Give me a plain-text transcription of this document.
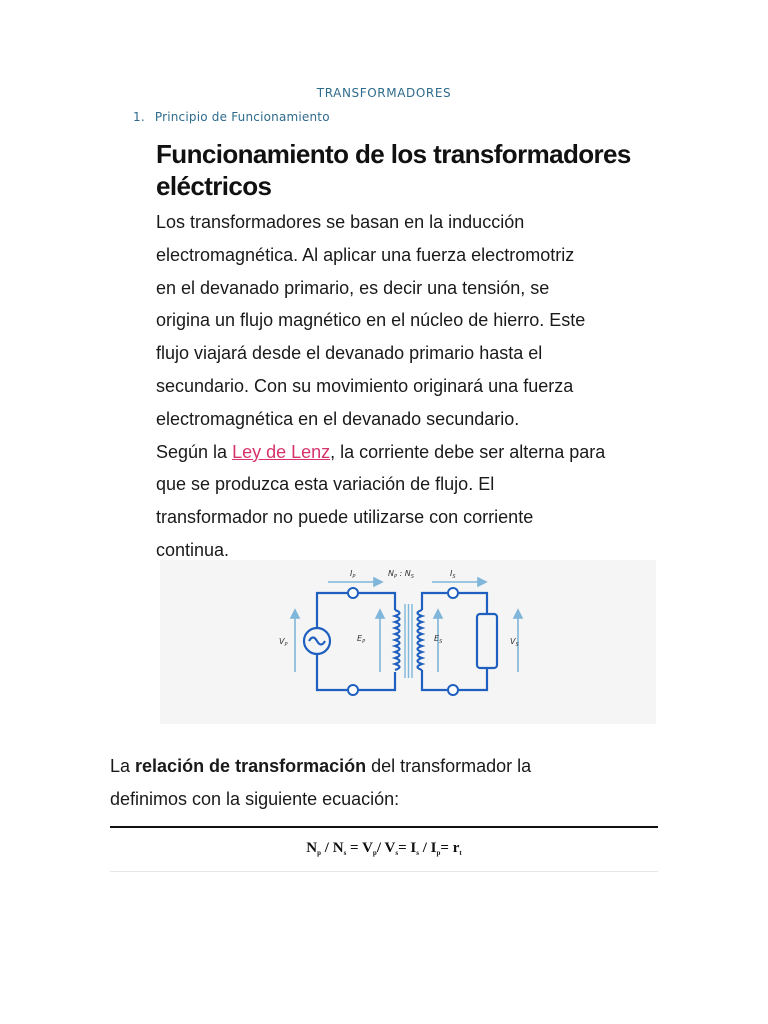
TRANSFORMADORES
1. Principio de Funcionamiento
Funcionamiento de los transformadores
eléctricos

Los transformadores se basan en la inducción

electromagnética. Al aplicar una fuerza electromotriz

en el devanado primario, es decir una tensión, se

origina un flujo magnético en el núcleo de hierro. Este

flujo viajará desde el devanado primario hasta el

secundario. Con su movimiento originará una fuerza

electromagnética en el devanado secundario.

Según la Ley de Lenz, la corriente debe ser alterna para

que se produzca esta variación de flujo. El

transformador no puede utilizarse con corriente

continua.

$I_P$	$N_P$ : $N_S$	$I_S$
$V_P$
$E_P$	$E_S$	$V_S$

La relación de transformación del transformador la

definimos con la siguiente ecuación:

$N_p / N_s = V_p/$ $V_s= I_s / I_p= r_t$
